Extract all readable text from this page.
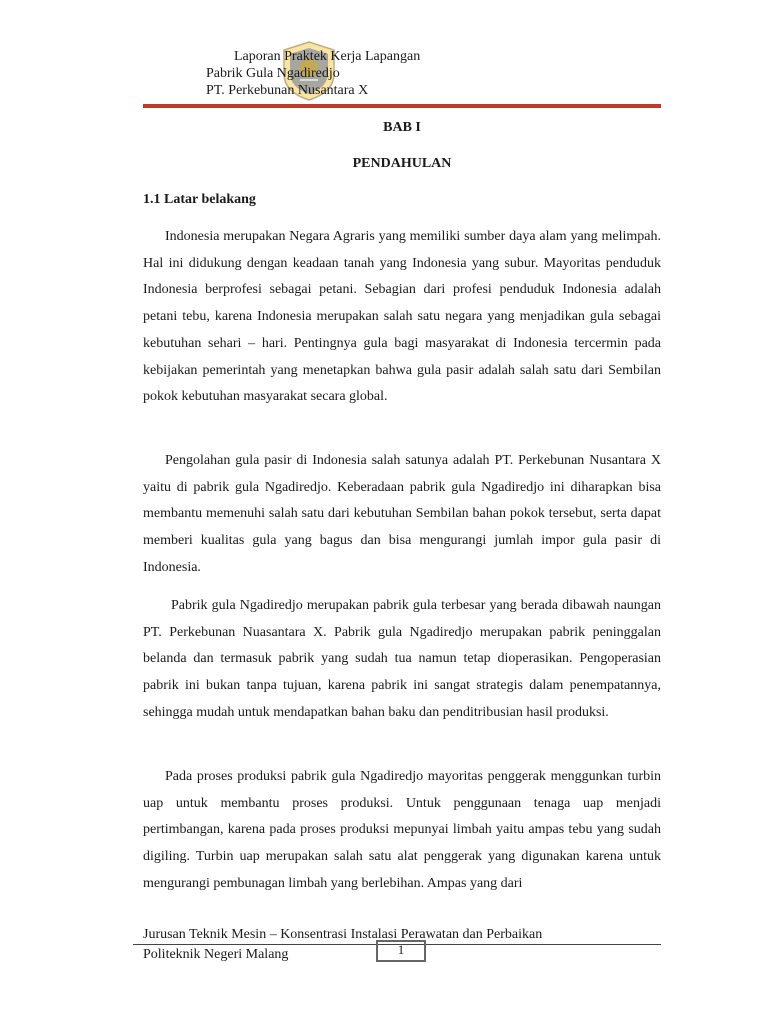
Laporan Praktek Kerja Lapangan
Pabrik Gula Ngadiredjo
PT. Perkebunan Nusantara X
BAB I
PENDAHULAN
1.1 Latar belakang

Indonesia merupakan Negara Agraris yang memiliki sumber daya alam yang melimpah. Hal ini didukung dengan keadaan tanah yang Indonesia yang subur. Mayoritas penduduk Indonesia berprofesi sebagai petani. Sebagian dari profesi penduduk Indonesia adalah petani tebu, karena Indonesia merupakan salah satu negara yang menjadikan gula sebagai kebutuhan sehari – hari. Pentingnya gula bagi masyarakat di Indonesia tercermin pada kebijakan pemerintah yang menetapkan bahwa gula pasir adalah salah satu dari Sembilan pokok kebutuhan masyarakat secara global.

Pengolahan gula pasir di Indonesia salah satunya adalah PT. Perkebunan Nusantara X yaitu di pabrik gula Ngadiredjo. Keberadaan pabrik gula Ngadiredjo ini diharapkan bisa membantu memenuhi salah satu dari kebutuhan Sembilan bahan pokok tersebut, serta dapat memberi kualitas gula yang bagus dan bisa mengurangi jumlah impor gula pasir di Indonesia.

Pabrik gula Ngadiredjo merupakan pabrik gula terbesar yang berada dibawah naungan PT. Perkebunan Nuasantara X. Pabrik gula Ngadiredjo merupakan pabrik peninggalan belanda dan termasuk pabrik yang sudah tua namun tetap dioperasikan. Pengoperasian pabrik ini bukan tanpa tujuan, karena pabrik ini sangat strategis dalam penempatannya, sehingga mudah untuk mendapatkan bahan baku dan penditribusian hasil produksi.

Pada proses produksi pabrik gula Ngadiredjo mayoritas penggerak menggunkan turbin uap untuk membantu proses produksi. Untuk penggunaan tenaga uap menjadi pertimbangan, karena pada proses produksi mepunyai limbah yaitu ampas tebu yang sudah digiling. Turbin uap merupakan salah satu alat penggerak yang digunakan karena untuk mengurangi pembunagan limbah yang berlebihan. Ampas yang dari

Jurusan Teknik Mesin – Konsentrasi Instalasi Perawatan dan Perbaikan
Politeknik Negeri Malang	1
